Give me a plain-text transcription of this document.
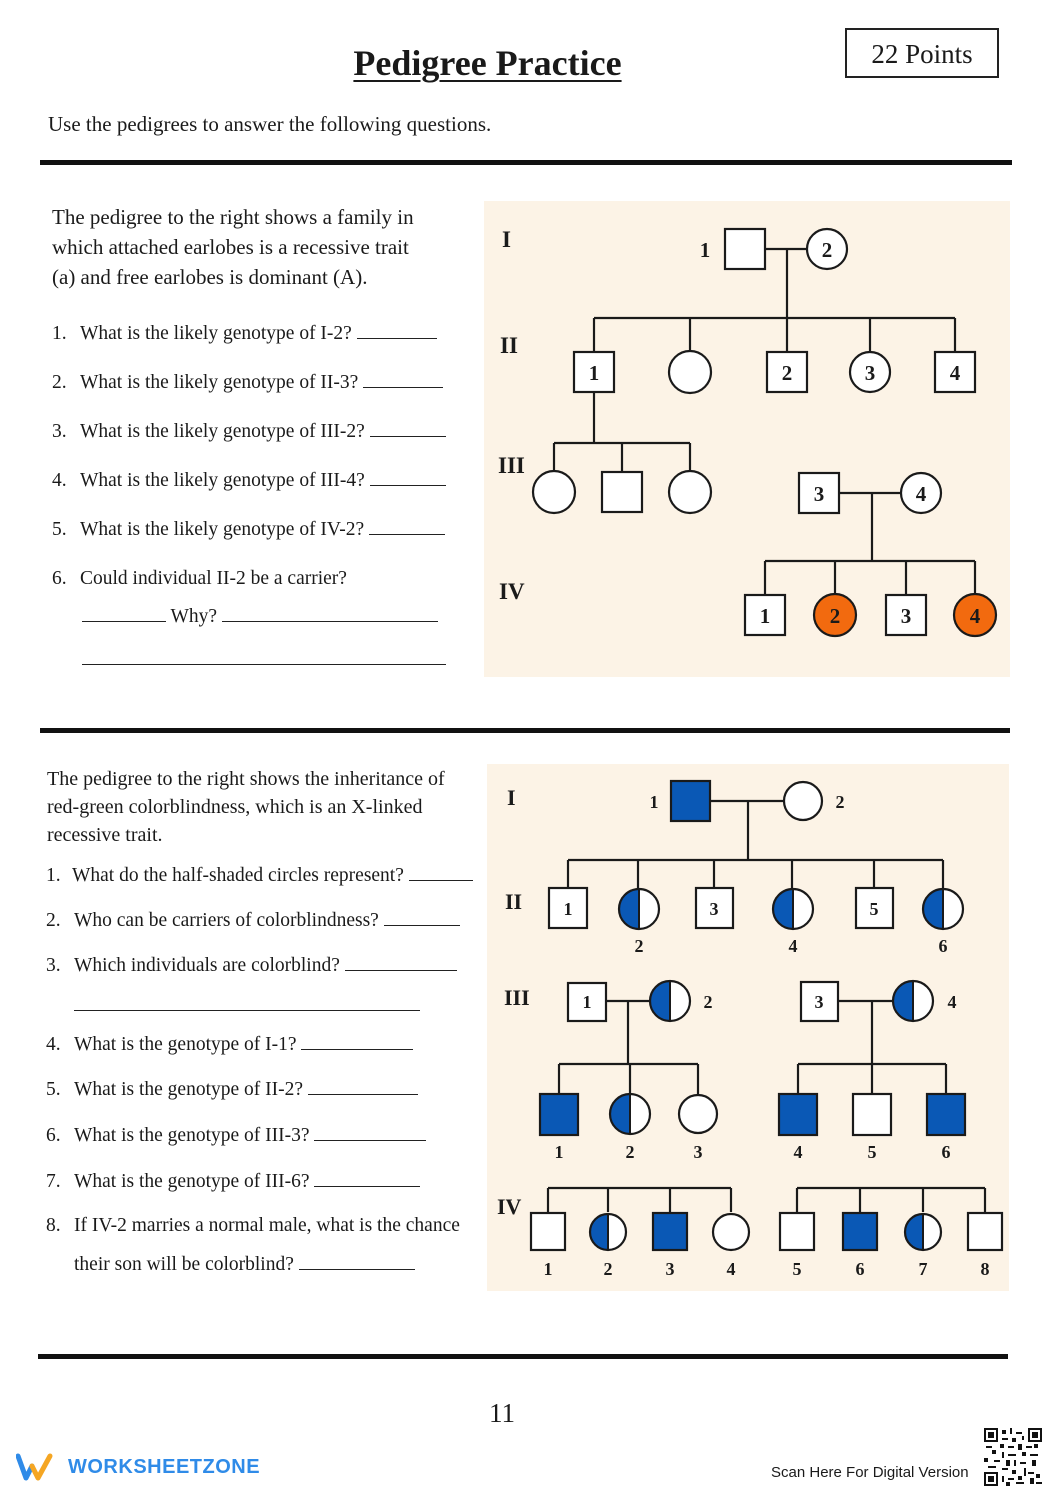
Pedigree Practice	22 Points
Use the pedigrees to answer the following questions.
The pedigree to the right shows a family in
which attached earlobes is a recessive trait
(a) and free earlobes is dominant (A).
1. What is the likely genotype of I-2?
2. What is the likely genotype of II-3?
3. What is the likely genotype of III-2?
4. What is the likely genotype of III-4?
5. What is the likely genotype of IV-2?
6. Could individual II-2 be a carrier?
Why?
I
II
III
IV
1	2
1	2	3	4
3	4
1	2	3	4
The pedigree to the right shows the inheritance of
red-green colorblindness, which is an X-linked
recessive trait.
1. What do the half-shaded circles represent?
2. Who can be carriers of colorblindness?
3. Which individuals are colorblind?
4. What is the genotype of I-1?
5. What is the genotype of II-2?
6. What is the genotype of III-3?
7. What is the genotype of III-6?
8. If IV-2 marries a normal male, what is the chance
their son will be colorblind?
I
II
III
IV
1	2
1
2
3
4
5
6
1	2	3	4
1	2	3	4	5	6
1	2	3	4	5	6	7	8
11
WORKSHEETZONE	Scan Here For Digital Version
